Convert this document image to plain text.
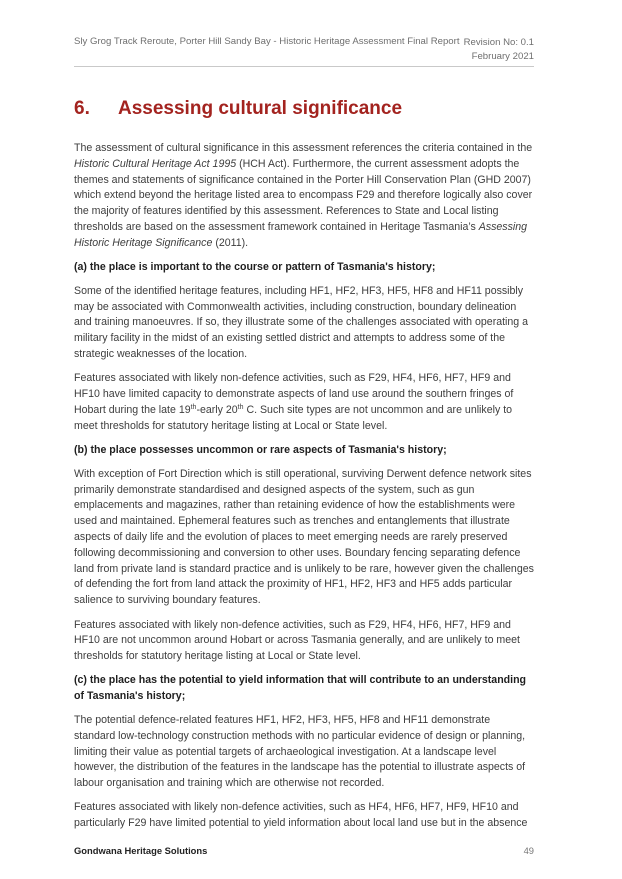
Sly Grog Track Reroute, Porter Hill Sandy Bay - Historic Heritage Assessment Final Report Revision No: 0.1
February 2021
6. Assessing cultural significance

The assessment of cultural significance in this assessment references the criteria contained in the Historic Cultural Heritage Act 1995 (HCH Act). Furthermore, the current assessment adopts the themes and statements of significance contained in the Porter Hill Conservation Plan (GHD 2007) which extend beyond the heritage listed area to encompass F29 and therefore logically also cover the majority of features identified by this assessment. References to State and Local listing thresholds are based on the assessment framework contained in Heritage Tasmania’s Assessing Historic Heritage Significance (2011).

(a) the place is important to the course or pattern of Tasmania's history;

Some of the identified heritage features, including HF1, HF2, HF3, HF5, HF8 and HF11 possibly may be associated with Commonwealth activities, including construction, boundary delineation and training manoeuvres. If so, they illustrate some of the challenges associated with operating a military facility in the midst of an existing settled district and attempts to address some of the strategic weaknesses of the location.

Features associated with likely non-defence activities, such as F29, HF4, HF6, HF7, HF9 and HF10 have limited capacity to demonstrate aspects of land use around the southern fringes of Hobart during the late 19th-early 20th C. Such site types are not uncommon and are unlikely to meet thresholds for statutory heritage listing at Local or State level.

(b) the place possesses uncommon or rare aspects of Tasmania's history;

With exception of Fort Direction which is still operational, surviving Derwent defence network sites primarily demonstrate standardised and designed aspects of the system, such as gun emplacements and magazines, rather than retaining evidence of how the establishments were used and maintained. Ephemeral features such as trenches and entanglements that illustrate aspects of daily life and the evolution of places to meet emerging needs are rarely preserved following decommissioning and conversion to other uses. Boundary fencing separating defence land from private land is standard practice and is unlikely to be rare, however given the challenges of defending the fort from land attack the proximity of HF1, HF2, HF3 and HF5 adds particular salience to surviving boundary features.

Features associated with likely non-defence activities, such as F29, HF4, HF6, HF7, HF9 and HF10 are not uncommon around Hobart or across Tasmania generally, and are unlikely to meet thresholds for statutory heritage listing at Local or State level.

(c) the place has the potential to yield information that will contribute to an understanding of Tasmania's history;

The potential defence-related features HF1, HF2, HF3, HF5, HF8 and HF11 demonstrate standard low-technology construction methods with no particular evidence of design or planning, limiting their value as potential targets of archaeological investigation. At a landscape level however, the distribution of the features in the landscape has the potential to illustrate aspects of labour organisation and training which are otherwise not recorded.

Features associated with likely non-defence activities, such as HF4, HF6, HF7, HF9, HF10 and particularly F29 have limited potential to yield information about local land use but in the absence

Gondwana Heritage Solutions	49
